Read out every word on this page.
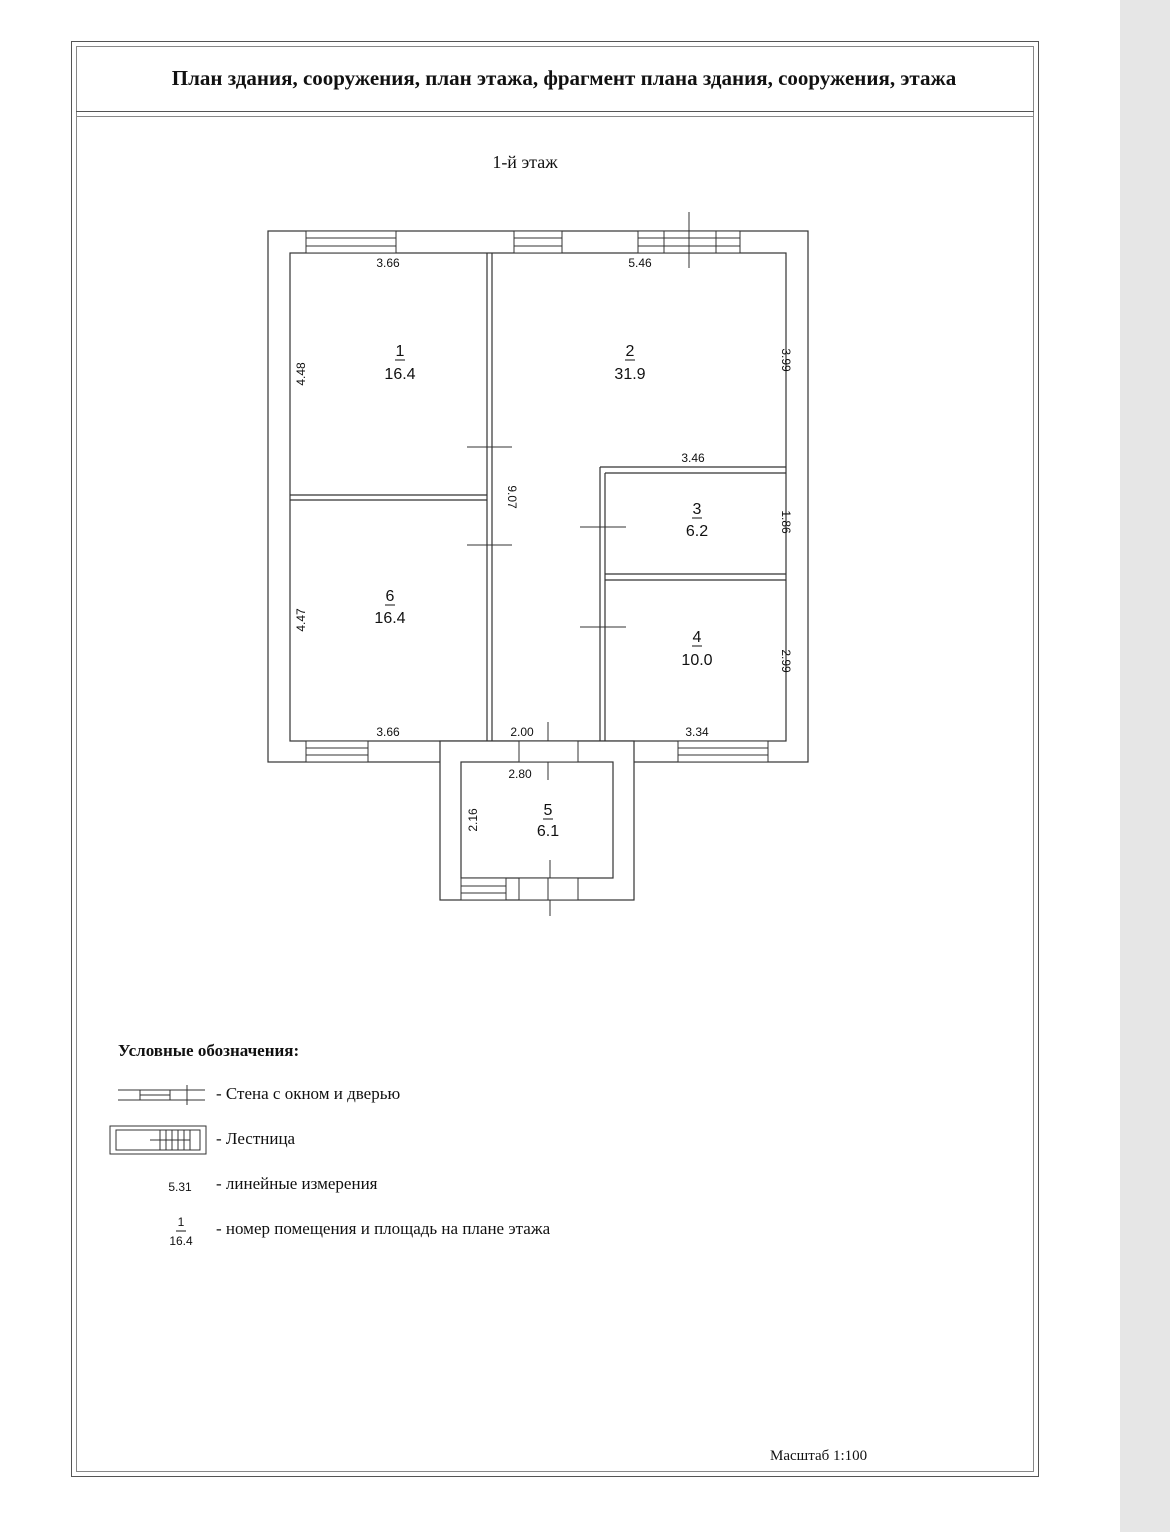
План здания, сооружения, план этажа, фрагмент плана здания, сооружения, этажа
1-й этаж
1
16.4
2
31.9
3
6.2
4
10.0
5
6.1
6
16.4
3.66	5.46
3.46
3.66	2.00	3.34
2.80
4.48
3.99
9.07
1.86
4.47
2.99
2.16
Условные обозначения:
- Стена с окном и дверью
- Лестница
5.31	- линейные измерения
1
16.4
- номер помещения и площадь на плане этажа
Масштаб 1:100
